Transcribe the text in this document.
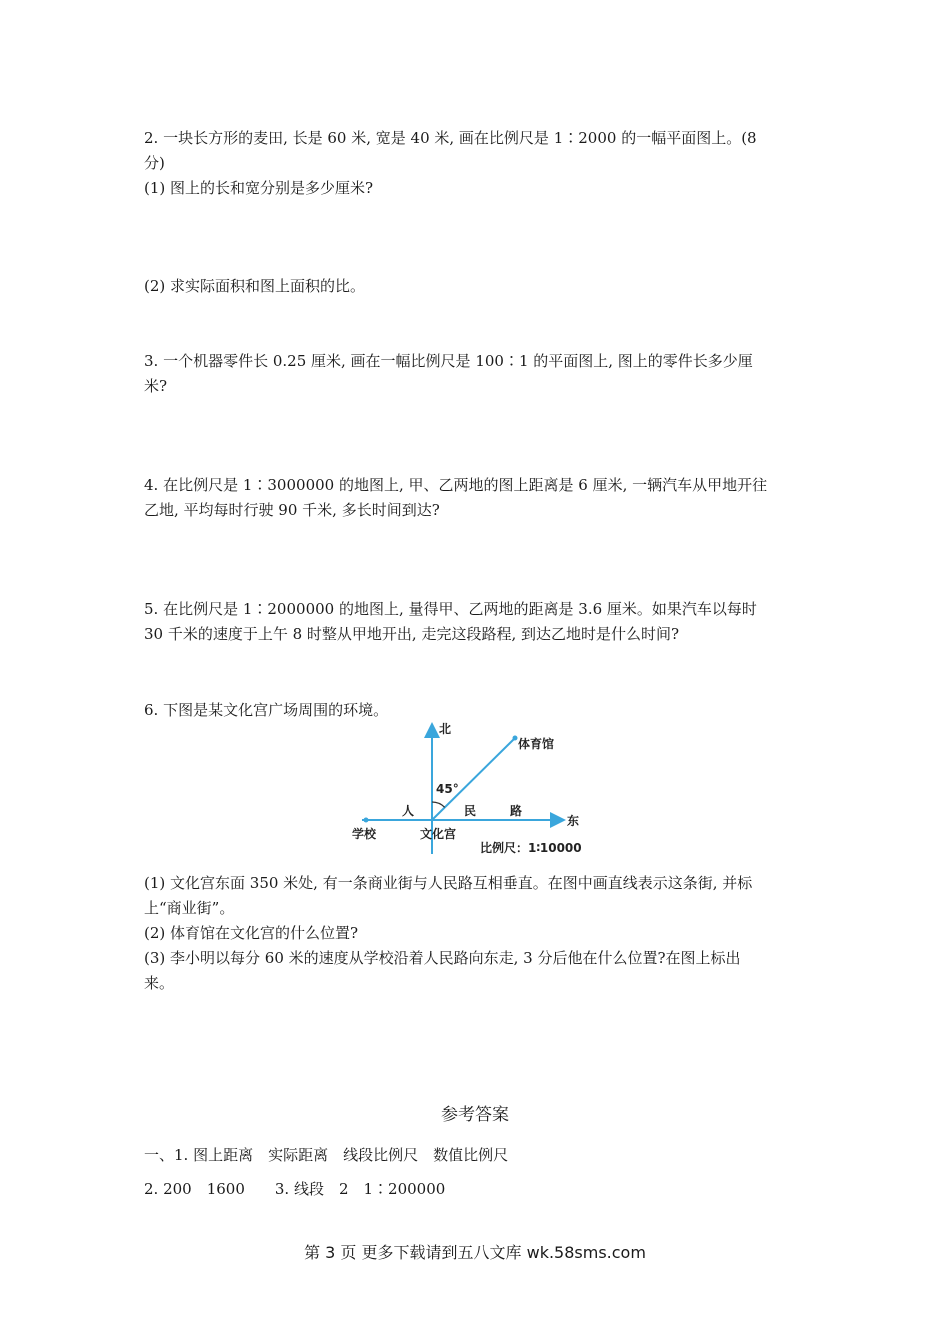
2. 一块长方形的麦田, 长是 60 米, 宽是 40 米, 画在比例尺是 1∶2000 的一幅平面图上。(8
分)
(1) 图上的长和宽分别是多少厘米?
(2) 求实际面积和图上面积的比。
3. 一个机器零件长 0.25 厘米, 画在一幅比例尺是 100∶1 的平面图上, 图上的零件长多少厘
米?
4. 在比例尺是 1∶3000000 的地图上, 甲、乙两地的图上距离是 6 厘米, 一辆汽车从甲地开往
乙地, 平均每时行驶 90 千米, 多长时间到达?
5. 在比例尺是 1∶2000000 的地图上, 量得甲、乙两地的距离是 3.6 厘米。如果汽车以每时
30 千米的速度于上午 8 时整从甲地开出, 走完这段路程, 到达乙地时是什么时间?
6. 下图是某文化宫广场周围的环境。
北
体育馆
45°
人	民	路
东
学校	文化宫
比例尺：1∶10000
(1) 文化宫东面 350 米处, 有一条商业街与人民路互相垂直。在图中画直线表示这条街, 并标
上“商业街”。
(2) 体育馆在文化宫的什么位置?
(3) 李小明以每分 60 米的速度从学校沿着人民路向东走, 3 分后他在什么位置?在图上标出
来。
参考答案
一、1. 图上距离　实际距离　线段比例尺　数值比例尺
2. 200　1600　　3. 线段　2　1∶200000
第 3 页 更多下载请到五八文库 wk.58sms.com
